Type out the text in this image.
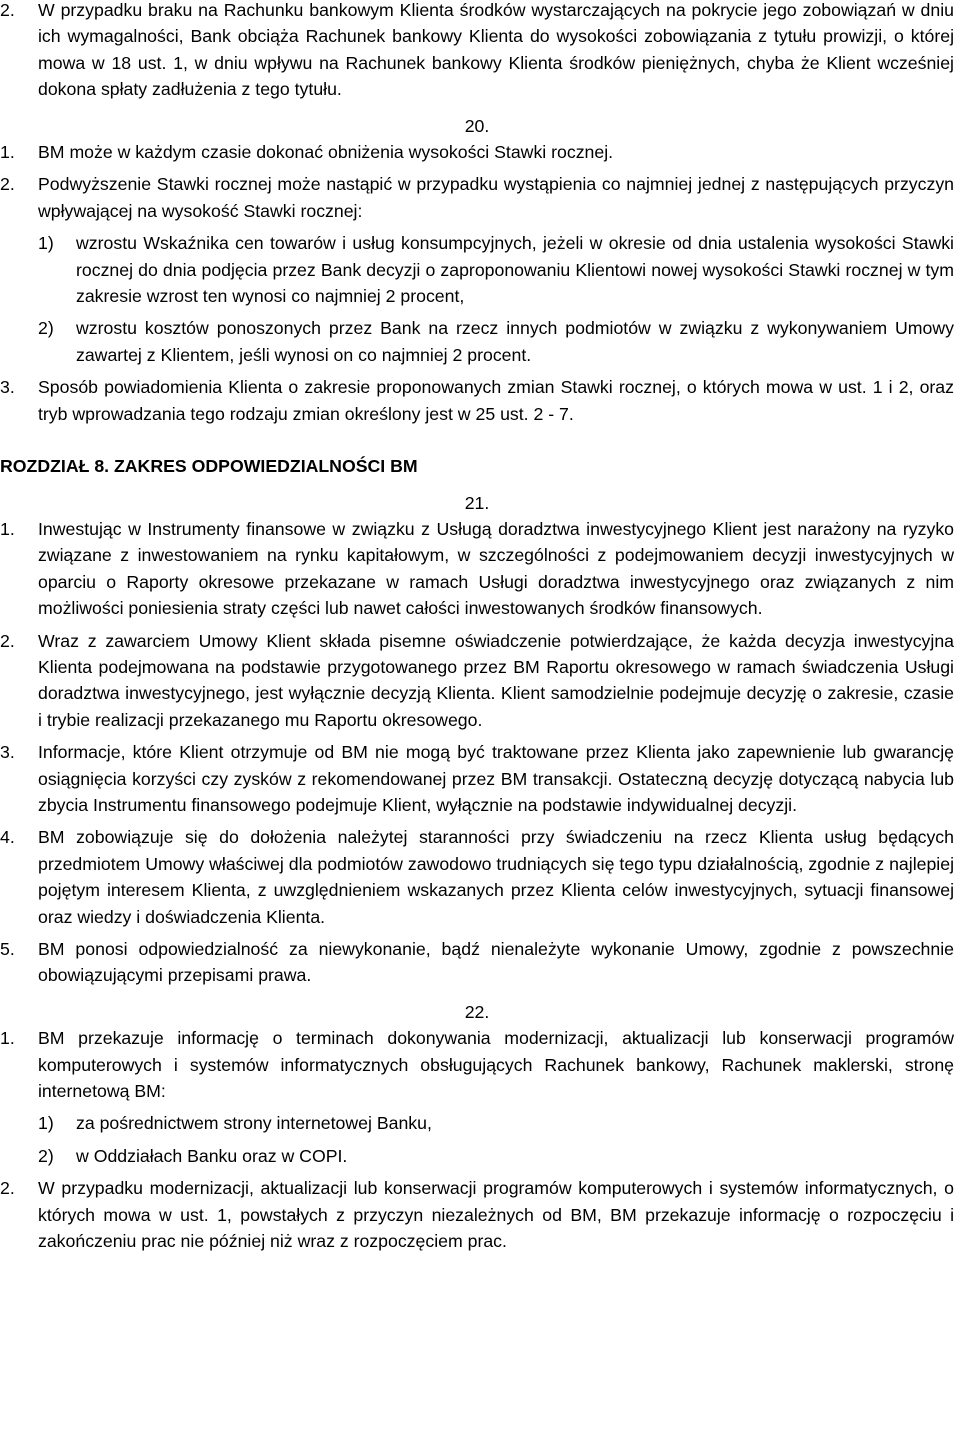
2.	W przypadku braku na Rachunku bankowym Klienta środków wystarczających na pokrycie jego zobowiązań w dniu ich wymagalności, Bank obciąża Rachunek bankowy Klienta do wysokości zobowiązania z tytułu prowizji, o której mowa w 18 ust. 1, w dniu wpływu na Rachunek bankowy Klienta środków pieniężnych, chyba że Klient wcześniej dokona spłaty zadłużenia z tego tytułu.
20.
1.	BM może w każdym czasie dokonać obniżenia wysokości Stawki rocznej.
2.	Podwyższenie Stawki rocznej może nastąpić w przypadku wystąpienia co najmniej jednej z następujących przyczyn wpływającej na wysokość Stawki rocznej:
1)	wzrostu Wskaźnika cen towarów i usług konsumpcyjnych, jeżeli w okresie od dnia ustalenia wysokości Stawki rocznej do dnia podjęcia przez Bank decyzji o zaproponowaniu Klientowi nowej wysokości Stawki rocznej w tym zakresie wzrost ten wynosi co najmniej 2 procent,
2)	wzrostu kosztów ponoszonych przez Bank na rzecz innych podmiotów w związku z wykonywaniem Umowy zawartej z Klientem, jeśli wynosi on co najmniej 2 procent.
3.	Sposób powiadomienia Klienta o zakresie proponowanych zmian Stawki rocznej, o których mowa w ust. 1 i 2, oraz tryb wprowadzania tego rodzaju zmian określony jest w 25 ust. 2 - 7.
ROZDZIAŁ 8. ZAKRES ODPOWIEDZIALNOŚCI BM
21.
1.	Inwestując w Instrumenty finansowe w związku z Usługą doradztwa inwestycyjnego Klient jest narażony na ryzyko związane z inwestowaniem na rynku kapitałowym, w szczególności z podejmowaniem decyzji inwestycyjnych w oparciu o Raporty okresowe przekazane w ramach Usługi doradztwa inwestycyjnego oraz związanych z nim możliwości poniesienia straty części lub nawet całości inwestowanych środków finansowych.
2.	Wraz z zawarciem Umowy Klient składa pisemne oświadczenie potwierdzające, że każda decyzja inwestycyjna Klienta podejmowana na podstawie przygotowanego przez BM Raportu okresowego w ramach świadczenia Usługi doradztwa inwestycyjnego, jest wyłącznie decyzją Klienta. Klient samodzielnie podejmuje decyzję o zakresie, czasie i trybie realizacji przekazanego mu Raportu okresowego.
3.	Informacje, które Klient otrzymuje od BM nie mogą być traktowane przez Klienta jako zapewnienie lub gwarancję osiągnięcia korzyści czy zysków z rekomendowanej przez BM transakcji. Ostateczną decyzję dotyczącą nabycia lub zbycia Instrumentu finansowego podejmuje Klient, wyłącznie na podstawie indywidualnej decyzji.
4.	BM zobowiązuje się do dołożenia należytej staranności przy świadczeniu na rzecz Klienta usług będących przedmiotem Umowy właściwej dla podmiotów zawodowo trudniących się tego typu działalnością, zgodnie z najlepiej pojętym interesem Klienta, z uwzględnieniem wskazanych przez Klienta celów inwestycyjnych, sytuacji finansowej oraz wiedzy i doświadczenia Klienta.
5.	BM ponosi odpowiedzialność za niewykonanie, bądź nienależyte wykonanie Umowy, zgodnie z powszechnie obowiązującymi przepisami prawa.
22.
1.	BM przekazuje informację o terminach dokonywania modernizacji, aktualizacji lub konserwacji programów komputerowych i systemów informatycznych obsługujących Rachunek bankowy, Rachunek maklerski, stronę internetową BM:
1)	za pośrednictwem strony internetowej Banku,
2)	w Oddziałach Banku oraz w COPI.
2.	W przypadku modernizacji, aktualizacji lub konserwacji programów komputerowych i systemów informatycznych, o których mowa w ust. 1, powstałych z przyczyn niezależnych od BM, BM przekazuje informację o rozpoczęciu i zakończeniu prac nie później niż wraz z rozpoczęciem prac.
